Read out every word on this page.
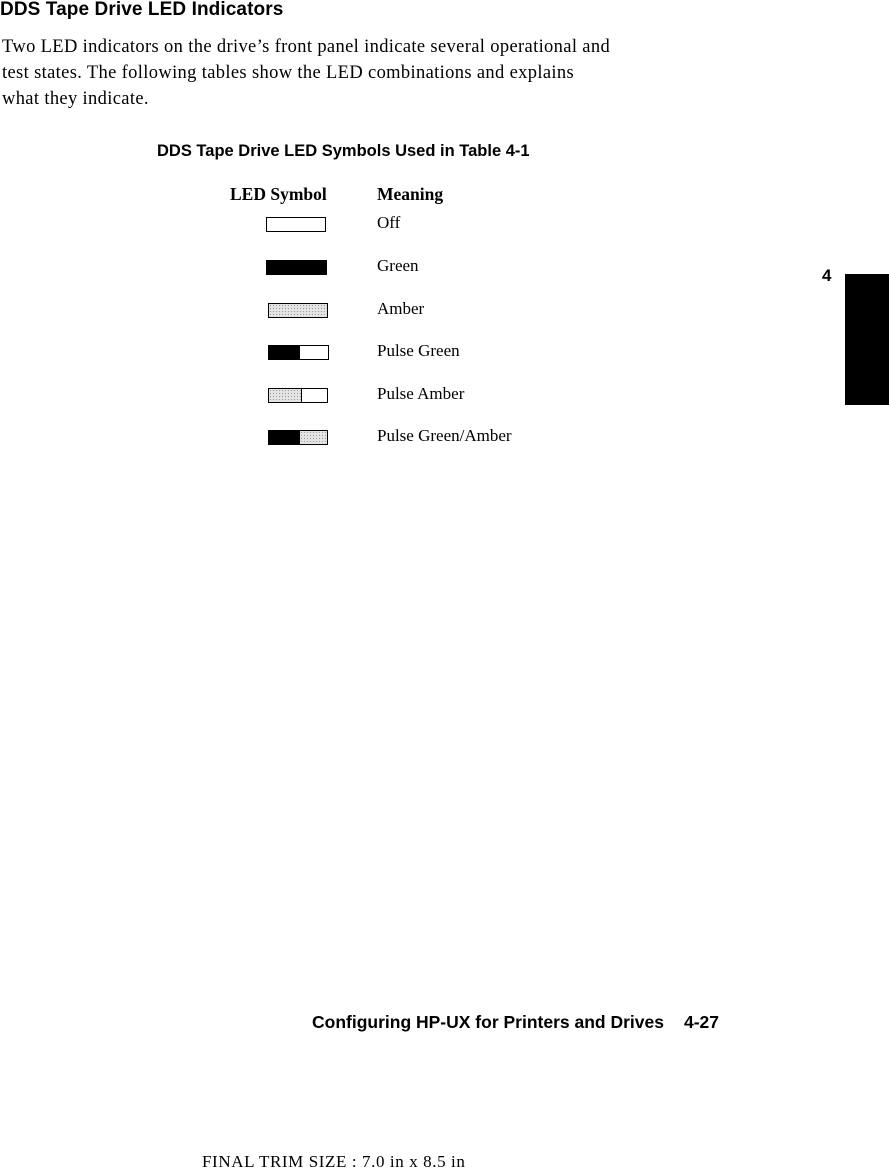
DDS Tape Drive LED Indicators
Two LED indicators on the drive’s front panel indicate several operational and
test states. The following tables show the LED combinations and explains
what they indicate.
DDS Tape Drive LED Symbols Used in Table 4-1
LED Symbol	Meaning
Off
Green
Amber
Pulse Green
Pulse Amber
Pulse Green/Amber
4
Configuring HP-UX for Printers and Drives 4-27
FINAL TRIM SIZE : 7.0 in x 8.5 in
